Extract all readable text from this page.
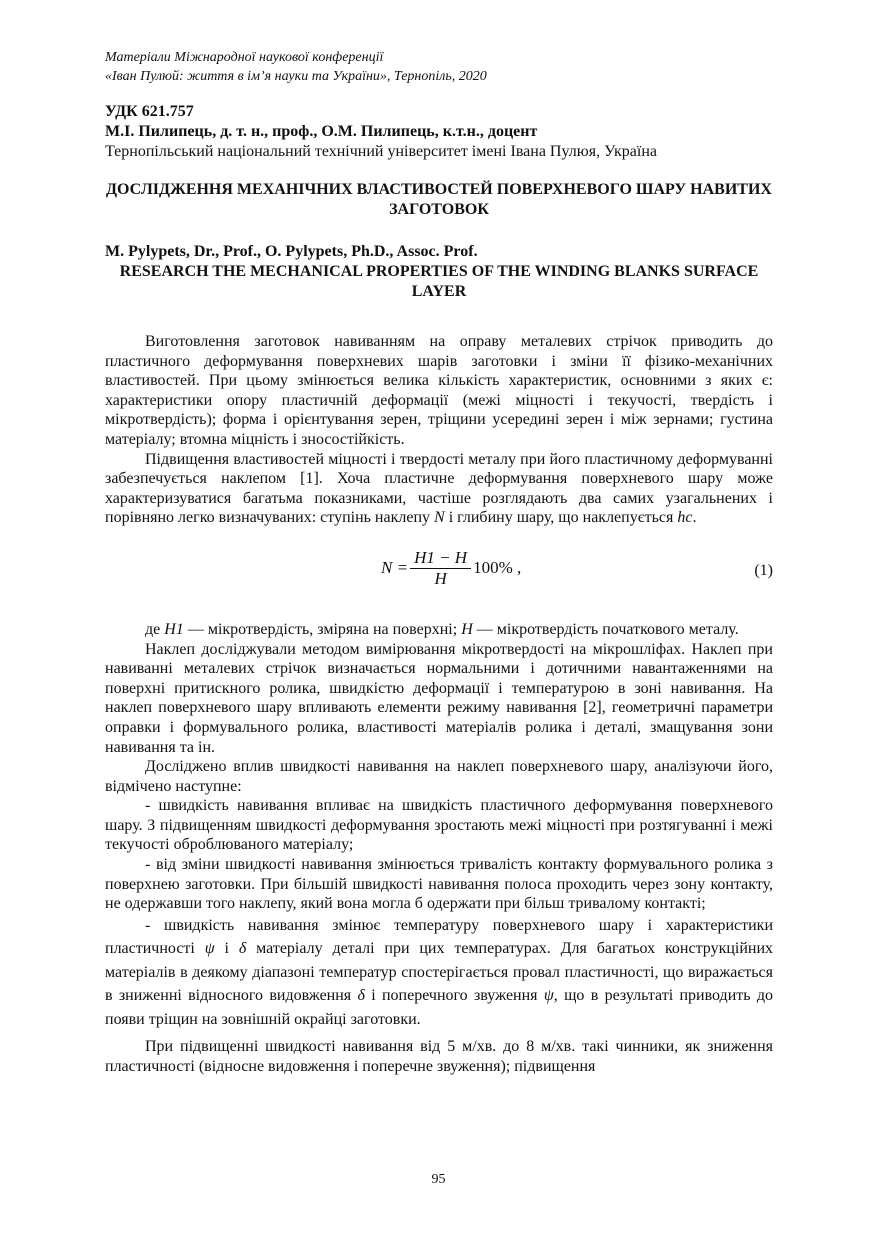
Матеріали Міжнародної наукової конференції
«Іван Пулюй: життя в ім’я науки та України», Тернопіль, 2020
УДК 621.757
М.І. Пилипець, д. т. н., проф., О.М. Пилипець, к.т.н., доцент
Тернопільський національний технічний університет імені Івана Пулюя, Україна
ДОСЛІДЖЕННЯ МЕХАНІЧНИХ ВЛАСТИВОСТЕЙ ПОВЕРХНЕВОГО ШАРУ НАВИТИХ ЗАГОТОВОК
M. Pylypets, Dr., Prof., O. Pylypets, Ph.D., Assoc. Prof.
RESEARCH THE MECHANICAL PROPERTIES OF THE WINDING BLANKS SURFACE LAYER

Виготовлення заготовок навиванням на оправу металевих стрічок приводить до пластичного деформування поверхневих шарів заготовки і зміни її фізико-механічних властивостей. При цьому змінюється велика кількість характеристик, основними з яких є: характеристики опору пластичній деформації (межі міцності і текучості, твердість і мікротвердість); форма і орієнтування зерен, тріщини усередині зерен і між зернами; густина матеріалу; втомна міцність і зносостійкість.

Підвищення властивостей міцності і твердості металу при його пластичному деформуванні забезпечується наклепом [1]. Хоча пластичне деформування поверхневого шару може характеризуватися багатьма показниками, частіше розглядають два самих узагальнених і порівняно легко визначуваних: ступінь наклепу N і глибину шару, що наклепується hc.

$N = \frac{H1 - H}{H} 100\%$ ,	(1)

де H1 — мікротвердість, зміряна на поверхні; H — мікротвердість початкового металу.

Наклеп досліджували методом вимірювання мікротвердості на мікрошліфах. Наклеп при навиванні металевих стрічок визначається нормальними і дотичними навантаженнями на поверхні притискного ролика, швидкістю деформації і температурою в зоні навивання. На наклеп поверхневого шару впливають елементи режиму навивання [2], геометричні параметри оправки і формувального ролика, властивості матеріалів ролика і деталі, змащування зони навивання та ін.

Досліджено вплив швидкості навивання на наклеп поверхневого шару, аналізуючи його, відмічено наступне:

- швидкість навивання впливає на швидкість пластичного деформування поверхневого шару. З підвищенням швидкості деформування зростають межі міцності при розтягуванні і межі текучості оброблюваного матеріалу;

- від зміни швидкості навивання змінюється тривалість контакту формувального ролика з поверхнею заготовки. При більшій швидкості навивання полоса проходить через зону контакту, не одержавши того наклепу, який вона могла б одержати при більш тривалому контакті;

- швидкість навивання змінює температуру поверхневого шару і характеристики пластичності ψ і δ матеріалу деталі при цих температурах. Для багатьох конструкційних матеріалів в деякому діапазоні температур спостерігається провал пластичності, що виражається в зниженні відносного видовження δ і поперечного звуження ψ, що в результаті приводить до появи тріщин на зовнішній окрайці заготовки.

При підвищенні швидкості навивання від 5 м/хв. до 8 м/хв. такі чинники, як зниження пластичності (відносне видовження і поперечне звуження); підвищення

95
